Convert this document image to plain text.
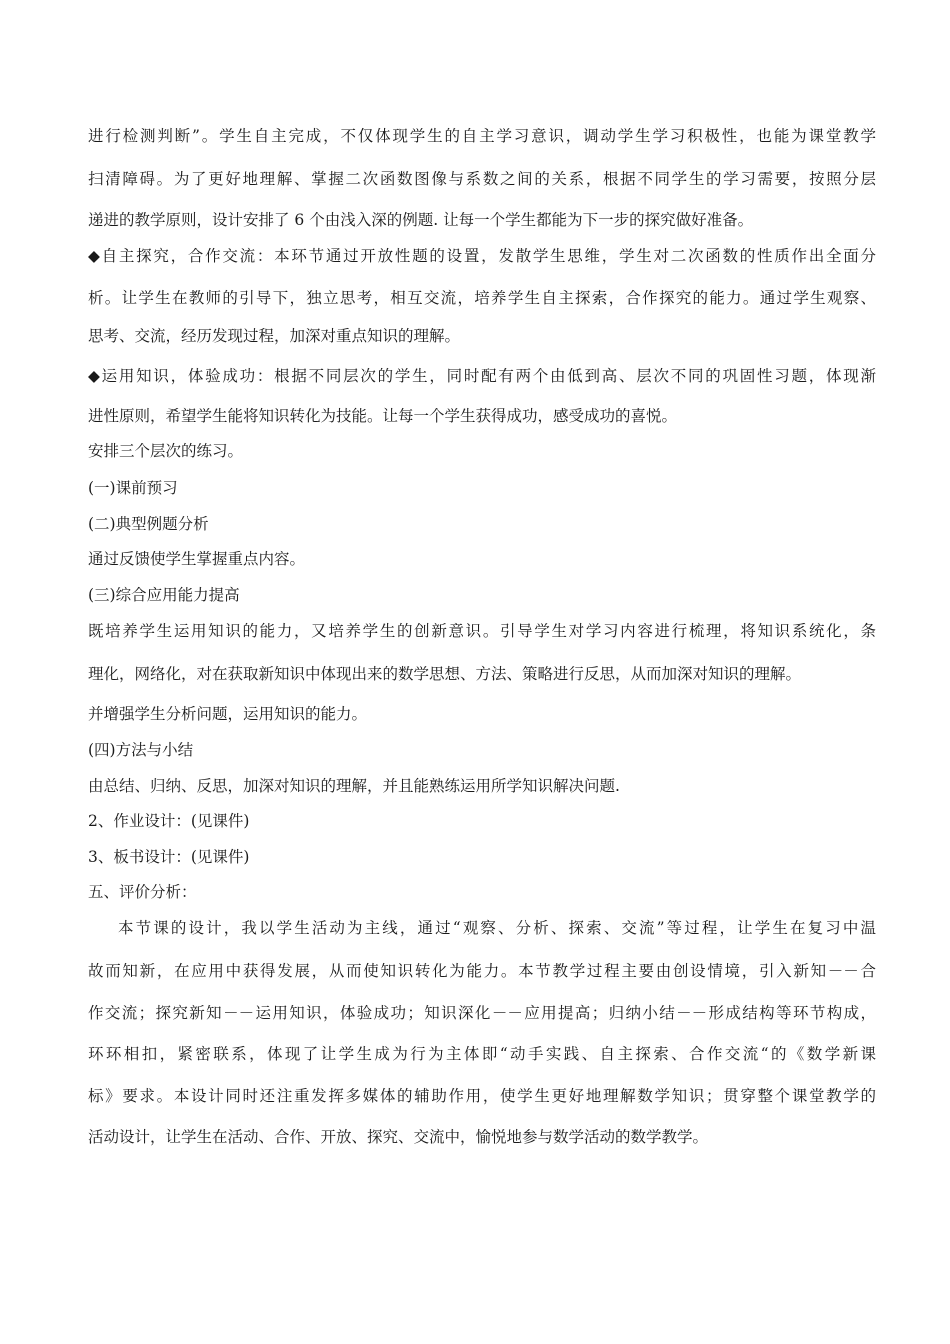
进行检测判断”。学生自主完成，不仅体现学生的自主学习意识，调动学生学习积极性，也能为课堂教学
扫清障碍。为了更好地理解、掌握二次函数图像与系数之间的关系，根据不同学生的学习需要，按照分层
递进的教学原则，设计安排了 6 个由浅入深的例题. 让每一个学生都能为下一步的探究做好准备。
◆自主探究，合作交流：本环节通过开放性题的设置，发散学生思维，学生对二次函数的性质作出全面分
析。让学生在教师的引导下，独立思考，相互交流，培养学生自主探索，合作探究的能力。通过学生观察、
思考、交流，经历发现过程，加深对重点知识的理解。
◆运用知识，体验成功：根据不同层次的学生，同时配有两个由低到高、层次不同的巩固性习题，体现渐
进性原则，希望学生能将知识转化为技能。让每一个学生获得成功，感受成功的喜悦。
安排三个层次的练习。
(一)课前预习
(二)典型例题分析
通过反馈使学生掌握重点内容。
(三)综合应用能力提高
既培养学生运用知识的能力，又培养学生的创新意识。引导学生对学习内容进行梳理，将知识系统化，条
理化，网络化，对在获取新知识中体现出来的数学思想、方法、策略进行反思，从而加深对知识的理解。
并增强学生分析问题，运用知识的能力。
(四)方法与小结
由总结、归纳、反思，加深对知识的理解，并且能熟练运用所学知识解决问题.
2、作业设计：(见课件)
3、板书设计：(见课件)
五、评价分析：
本节课的设计，我以学生活动为主线，通过“观察、分析、探索、交流”等过程，让学生在复习中温
故而知新，在应用中获得发展，从而使知识转化为能力。本节教学过程主要由创设情境，引入新知－－合
作交流；探究新知－－运用知识，体验成功；知识深化－－应用提高；归纳小结－－形成结构等环节构成，
环环相扣，紧密联系，体现了让学生成为行为主体即“动手实践、自主探索、合作交流“的《数学新课
标》要求。本设计同时还注重发挥多媒体的辅助作用，使学生更好地理解数学知识；贯穿整个课堂教学的
活动设计，让学生在活动、合作、开放、探究、交流中，愉悦地参与数学活动的数学教学。
